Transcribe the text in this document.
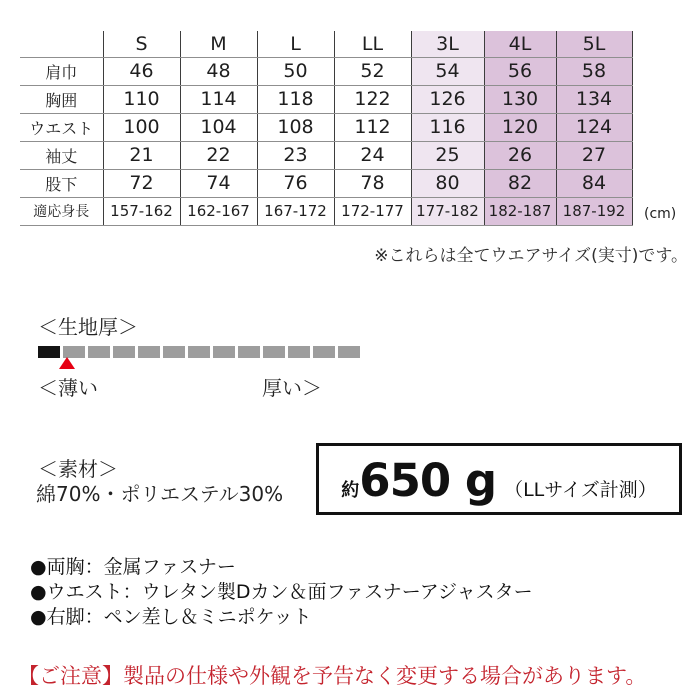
	S	M	L	LL	3L	4L	5L
肩巾	46	48	50	52	54	56	58
胸囲	110	114	118	122	126	130	134
ウエスト	100	104	108	112	116	120	124
袖丈	21	22	23	24	25	26	27
股下	72	74	76	78	80	82	84
適応身長	157-162	162-167	167-172	172-177	177-182	182-187	187-192 (cm)
※これらは全てウエアサイズ(実寸)です。
＜生地厚＞
＜薄い	厚い＞
＜素材＞
綿70%・ポリエステル30%	約 650 g （LLサイズ計測）
●両胸：金属ファスナー
●ウエスト：ウレタン製Dカン＆面ファスナーアジャスター
●右脚：ペン差し＆ミニポケット
【ご注意】製品の仕様や外観を予告なく変更する場合があります。
